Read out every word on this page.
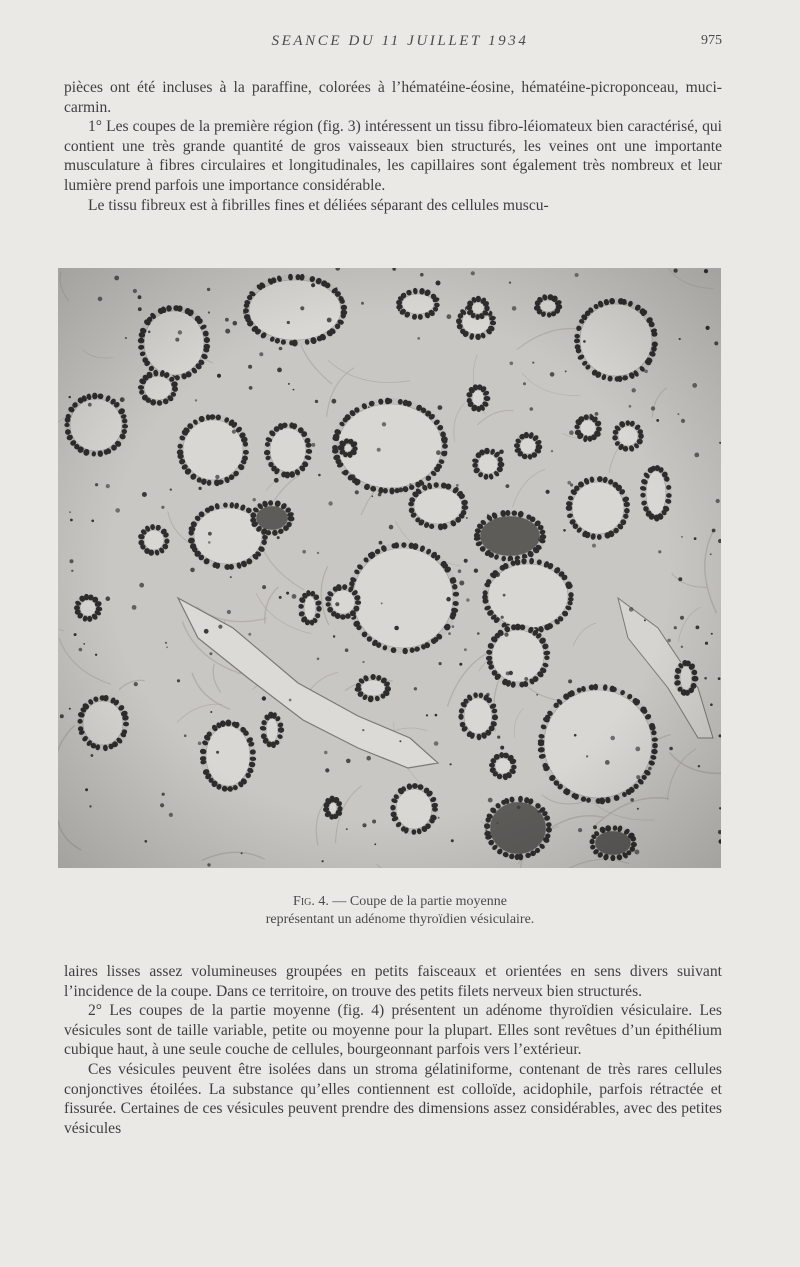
SEANCE DU 11 JUILLET 1934	975

pièces ont été incluses à la paraffine, colorées à l’hématéine-éosine, hématéine-picroponceau, muci-carmin.

1° Les coupes de la première région (fig. 3) intéressent un tissu fibro-léiomateux bien caractérisé, qui contient une très grande quantité de gros vaisseaux bien structurés, les veines ont une importante musculature à fibres circulaires et longitudinales, les capillaires sont également très nombreux et leur lumière prend parfois une importance considérable.

Le tissu fibreux est à fibrilles fines et déliées séparant des cellules muscu-

Fig. 4. — Coupe de la partie moyenne
représentant un adénome thyroïdien vésiculaire.

laires lisses assez volumineuses groupées en petits faisceaux et orientées en sens divers suivant l’incidence de la coupe. Dans ce territoire, on trouve des petits filets nerveux bien structurés.

2° Les coupes de la partie moyenne (fig. 4) présentent un adénome thyroïdien vésiculaire. Les vésicules sont de taille variable, petite ou moyenne pour la plupart. Elles sont revêtues d’un épithélium cubique haut, à une seule couche de cellules, bourgeonnant parfois vers l’extérieur.

Ces vésicules peuvent être isolées dans un stroma gélatiniforme, contenant de très rares cellules conjonctives étoilées. La substance qu’elles contiennent est colloïde, acidophile, parfois rétractée et fissurée. Certaines de ces vésicules peuvent prendre des dimensions assez considérables, avec des petites vésicules
